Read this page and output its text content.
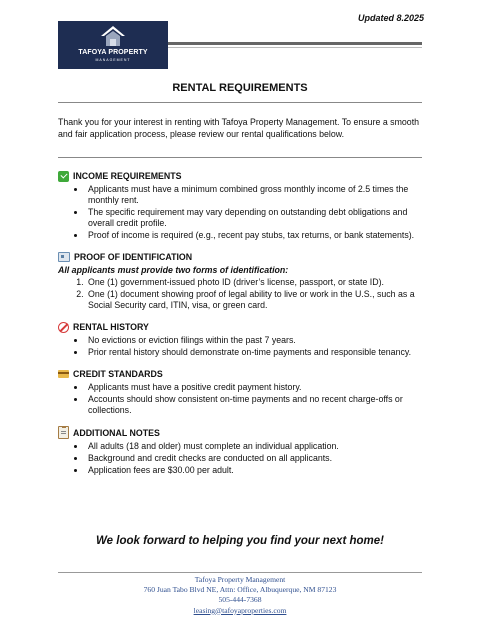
Updated 8.2025
TAFOYA PROPERTY
MANAGEMENT
RENTAL REQUIREMENTS
Thank you for your interest in renting with Tafoya Property Management. To ensure a smooth and fair application process, please review our rental qualifications below.
INCOME REQUIREMENTS
• Applicants must have a minimum combined gross monthly income of 2.5 times the monthly rent.
• The specific requirement may vary depending on outstanding debt obligations and overall credit profile.
• Proof of income is required (e.g., recent pay stubs, tax returns, or bank statements).
PROOF OF IDENTIFICATION
All applicants must provide two forms of identification:
1. One (1) government-issued photo ID (driver’s license, passport, or state ID).
2. One (1) document showing proof of legal ability to live or work in the U.S., such as a Social Security card, ITIN, visa, or green card.
RENTAL HISTORY
• No evictions or eviction filings within the past 7 years.
• Prior rental history should demonstrate on-time payments and responsible tenancy.
CREDIT STANDARDS
• Applicants must have a positive credit payment history.
• Accounts should show consistent on-time payments and no recent charge-offs or collections.
ADDITIONAL NOTES
• All adults (18 and older) must complete an individual application.
• Background and credit checks are conducted on all applicants.
• Application fees are $30.00 per adult.
We look forward to helping you find your next home!
Tafoya Property Management
760 Juan Tabo Blvd NE, Attn: Office, Albuquerque, NM 87123
505-444-7368
leasing@tafoyaproperties.com
